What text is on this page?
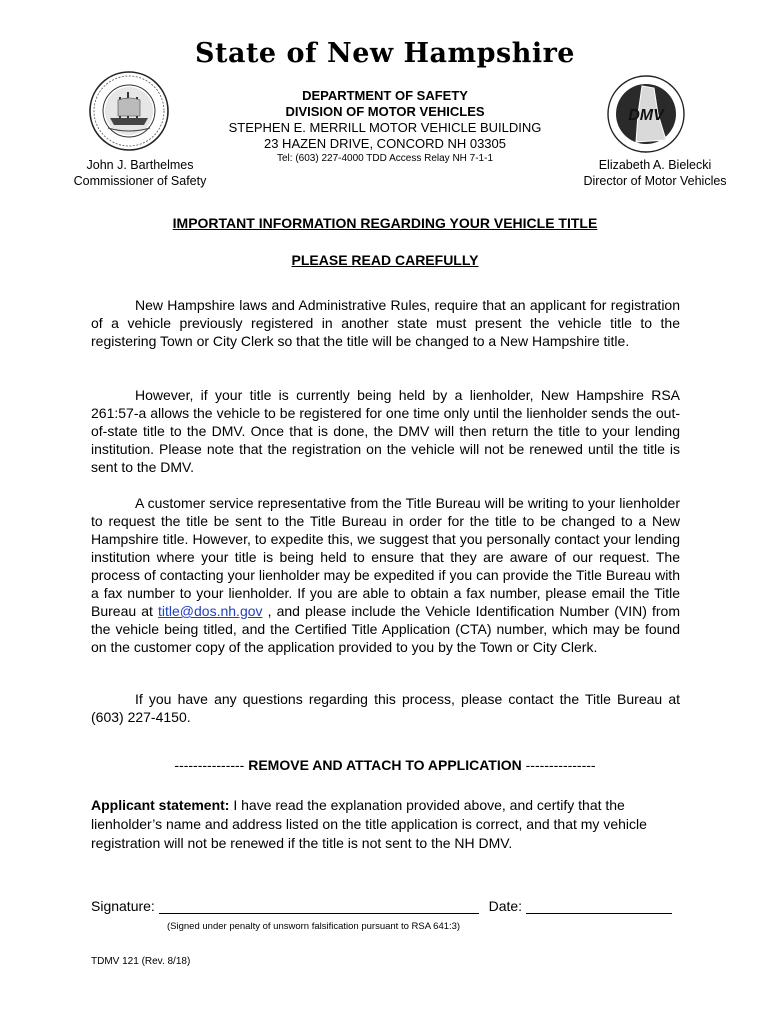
State of New Hampshire
DEPARTMENT OF SAFETY
DIVISION OF MOTOR VEHICLES
STEPHEN E. MERRILL MOTOR VEHICLE BUILDING
23 HAZEN DRIVE, CONCORD NH 03305
Tel: (603) 227-4000 TDD Access Relay NH 7-1-1
DMV
John J. Barthelmes
Commissioner of Safety
Elizabeth A. Bielecki
Director of Motor Vehicles
IMPORTANT INFORMATION REGARDING YOUR VEHICLE TITLE
PLEASE READ CAREFULLY
New Hampshire laws and Administrative Rules, require that an applicant for registration of a vehicle previously registered in another state must present the vehicle title to the registering Town or City Clerk so that the title will be changed to a New Hampshire title.
However, if your title is currently being held by a lienholder, New Hampshire RSA 261:57-a allows the vehicle to be registered for one time only until the lienholder sends the out-of-state title to the DMV. Once that is done, the DMV will then return the title to your lending institution. Please note that the registration on the vehicle will not be renewed until the title is sent to the DMV.
A customer service representative from the Title Bureau will be writing to your lienholder to request the title be sent to the Title Bureau in order for the title to be changed to a New Hampshire title. However, to expedite this, we suggest that you personally contact your lending institution where your title is being held to ensure that they are aware of our request. The process of contacting your lienholder may be expedited if you can provide the Title Bureau with a fax number to your lienholder. If you are able to obtain a fax number, please email the Title Bureau at title@dos.nh.gov , and please include the Vehicle Identification Number (VIN) from the vehicle being titled, and the Certified Title Application (CTA) number, which may be found on the customer copy of the application provided to you by the Town or City Clerk.
If you have any questions regarding this process, please contact the Title Bureau at (603) 227-4150.
--------------- REMOVE AND ATTACH TO APPLICATION ---------------
Applicant statement: I have read the explanation provided above, and certify that the lienholder’s name and address listed on the title application is correct, and that my vehicle registration will not be renewed if the title is not sent to the NH DMV.
Signature:	Date:
(Signed under penalty of unsworn falsification pursuant to RSA 641:3)
TDMV 121 (Rev. 8/18)
